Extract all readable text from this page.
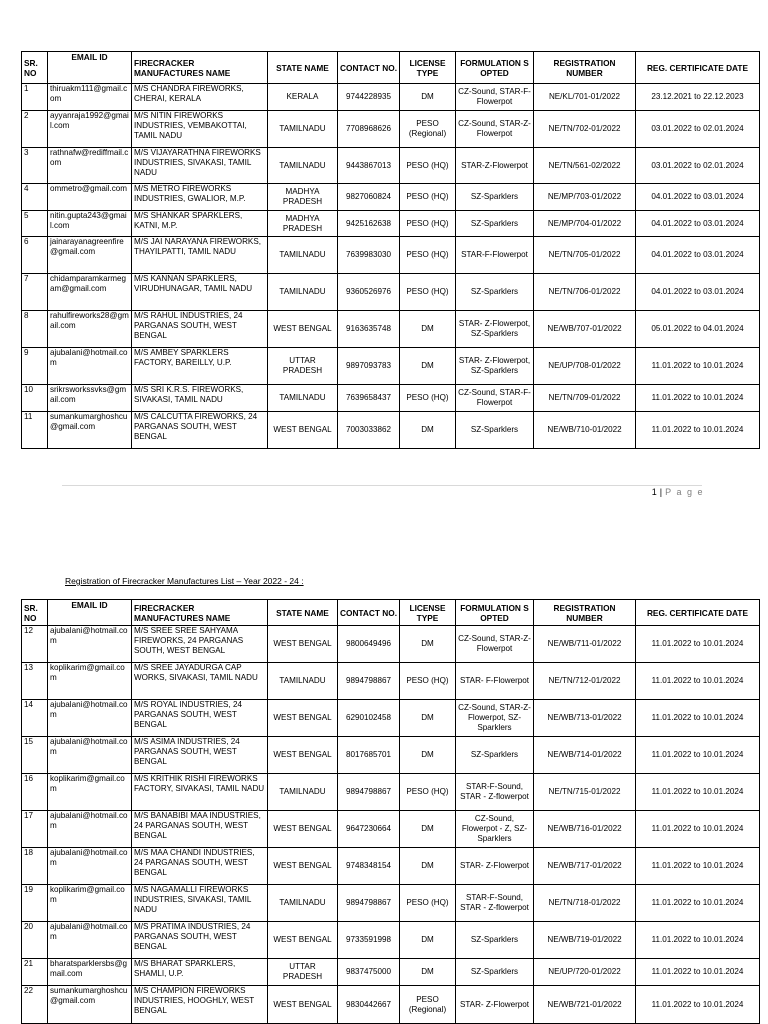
SR. NO	EMAIL ID	FIRECRACKER MANUFACTURES NAME	STATE NAME	CONTACT NO.	LICENSE TYPE	FORMULATION S OPTED	REGISTRATION NUMBER	REG. CERTIFICATE DATE
1	thiruakm111@gmail.com	M/S CHANDRA FIREWORKS, CHERAI, KERALA	KERALA	9744228935	DM	CZ-Sound, STAR-F- Flowerpot	NE/KL/701-01/2022	23.12.2021 to 22.12.2023
2	ayyanraja1992@gmail.com	M/S NITIN FIREWORKS INDUSTRIES, VEMBAKOTTAI, TAMIL NADU	TAMILNADU	7708968626	PESO (Regional)	CZ-Sound, STAR-Z- Flowerpot	NE/TN/702-01/2022	03.01.2022 to 02.01.2024
3	rathnafw@rediffmail.com	M/S VIJAYARATHNA FIREWORKS INDUSTRIES, SIVAKASI, TAMIL NADU	TAMILNADU	9443867013	PESO (HQ)	STAR-Z-Flowerpot	NE/TN/561-02/2022	03.01.2022 to 02.01.2024
4	ommetro@gmail.com	M/S METRO FIREWORKS INDUSTRIES, GWALIOR, M.P.	MADHYA PRADESH	9827060824	PESO (HQ)	SZ-Sparklers	NE/MP/703-01/2022	04.01.2022 to 03.01.2024
5	nitin.gupta243@gmail.com	M/S SHANKAR SPARKLERS, KATNI, M.P.	MADHYA PRADESH	9425162638	PESO (HQ)	SZ-Sparklers	NE/MP/704-01/2022	04.01.2022 to 03.01.2024
6	jainarayanagreenfire@gmail.com	M/S JAI NARAYANA FIREWORKS, THAYILPATTI, TAMIL NADU	TAMILNADU	7639983030	PESO (HQ)	STAR-F-Flowerpot	NE/TN/705-01/2022	04.01.2022 to 03.01.2024
7	chidamparamkarmegam@gmail.com	M/S KANNAN SPARKLERS, VIRUDHUNAGAR, TAMIL NADU	TAMILNADU	9360526976	PESO (HQ)	SZ-Sparklers	NE/TN/706-01/2022	04.01.2022 to 03.01.2024
8	rahulfireworks28@gmail.com	M/S RAHUL INDUSTRIES, 24 PARGANAS SOUTH, WEST BENGAL	WEST BENGAL	9163635748	DM	STAR- Z-Flowerpot, SZ-Sparklers	NE/WB/707-01/2022	05.01.2022 to 04.01.2024
9	ajubalani@hotmail.com	M/S AMBEY SPARKLERS FACTORY, BAREILLY, U.P.	UTTAR PRADESH	9897093783	DM	STAR- Z-Flowerpot, SZ-Sparklers	NE/UP/708-01/2022	11.01.2022 to 10.01.2024
10	srikrsworkssvks@gmail.com	M/S SRI K.R.S. FIREWORKS, SIVAKASI, TAMIL NADU	TAMILNADU	7639658437	PESO (HQ)	CZ-Sound, STAR-F- Flowerpot	NE/TN/709-01/2022	11.01.2022 to 10.01.2024
11	sumankumarghoshcu@gmail.com	M/S CALCUTTA FIREWORKS, 24 PARGANAS SOUTH, WEST BENGAL	WEST BENGAL	7003033862	DM	SZ-Sparklers	NE/WB/710-01/2022	11.01.2022 to 10.01.2024
1 | P a g e
Registration of Firecracker Manufactures List – Year 2022 - 24 :
SR. NO	EMAIL ID	FIRECRACKER MANUFACTURES NAME	STATE NAME	CONTACT NO.	LICENSE TYPE	FORMULATION S OPTED	REGISTRATION NUMBER	REG. CERTIFICATE DATE
12	ajubalani@hotmail.com	M/S SREE SREE SAHYAMA FIREWORKS, 24 PARGANAS SOUTH, WEST BENGAL	WEST BENGAL	9800649496	DM	CZ-Sound, STAR-Z-Flowerpot	NE/WB/711-01/2022	11.01.2022 to 10.01.2024
13	koplikarim@gmail.com	M/S SREE JAYADURGA CAP WORKS, SIVAKASI, TAMIL NADU	TAMILNADU	9894798867	PESO (HQ)	STAR- F-Flowerpot	NE/TN/712-01/2022	11.01.2022 to 10.01.2024
14	ajubalani@hotmail.com	M/S ROYAL INDUSTRIES, 24 PARGANAS SOUTH, WEST BENGAL	WEST BENGAL	6290102458	DM	CZ-Sound, STAR-Z-Flowerpot, SZ-Sparklers	NE/WB/713-01/2022	11.01.2022 to 10.01.2024
15	ajubalani@hotmail.com	M/S ASIMA INDUSTRIES, 24 PARGANAS SOUTH, WEST BENGAL	WEST BENGAL	8017685701	DM	SZ-Sparklers	NE/WB/714-01/2022	11.01.2022 to 10.01.2024
16	koplikarim@gmail.com	M/S KRITHIK RISHI FIREWORKS FACTORY, SIVAKASI, TAMIL NADU	TAMILNADU	9894798867	PESO (HQ)	STAR-F-Sound, STAR - Z-flowerpot	NE/TN/715-01/2022	11.01.2022 to 10.01.2024
17	ajubalani@hotmail.com	M/S BANABIBI MAA INDUSTRIES, 24 PARGANAS SOUTH, WEST BENGAL	WEST BENGAL	9647230664	DM	CZ-Sound, Flowerpot - Z, SZ-Sparklers	NE/WB/716-01/2022	11.01.2022 to 10.01.2024
18	ajubalani@hotmail.com	M/S MAA CHANDI INDUSTRIES, 24 PARGANAS SOUTH, WEST BENGAL	WEST BENGAL	9748348154	DM	STAR- Z-Flowerpot	NE/WB/717-01/2022	11.01.2022 to 10.01.2024
19	koplikarim@gmail.com	M/S NAGAMALLI FIREWORKS INDUSTRIES, SIVAKASI, TAMIL NADU	TAMILNADU	9894798867	PESO (HQ)	STAR-F-Sound, STAR - Z-flowerpot	NE/TN/718-01/2022	11.01.2022 to 10.01.2024
20	ajubalani@hotmail.com	M/S PRATIMA INDUSTRIES, 24 PARGANAS SOUTH, WEST BENGAL	WEST BENGAL	9733591998	DM	SZ-Sparklers	NE/WB/719-01/2022	11.01.2022 to 10.01.2024
21	bharatsparklersbs@gmail.com	M/S BHARAT SPARKLERS, SHAMLI, U.P.	UTTAR PRADESH	9837475000	DM	SZ-Sparklers	NE/UP/720-01/2022	11.01.2022 to 10.01.2024
22	sumankumarghoshcu@gmail.com	M/S CHAMPION FIREWORKS INDUSTRIES, HOOGHLY, WEST BENGAL	WEST BENGAL	9830442667	PESO (Regional)	STAR- Z-Flowerpot	NE/WB/721-01/2022	11.01.2022 to 10.01.2024
